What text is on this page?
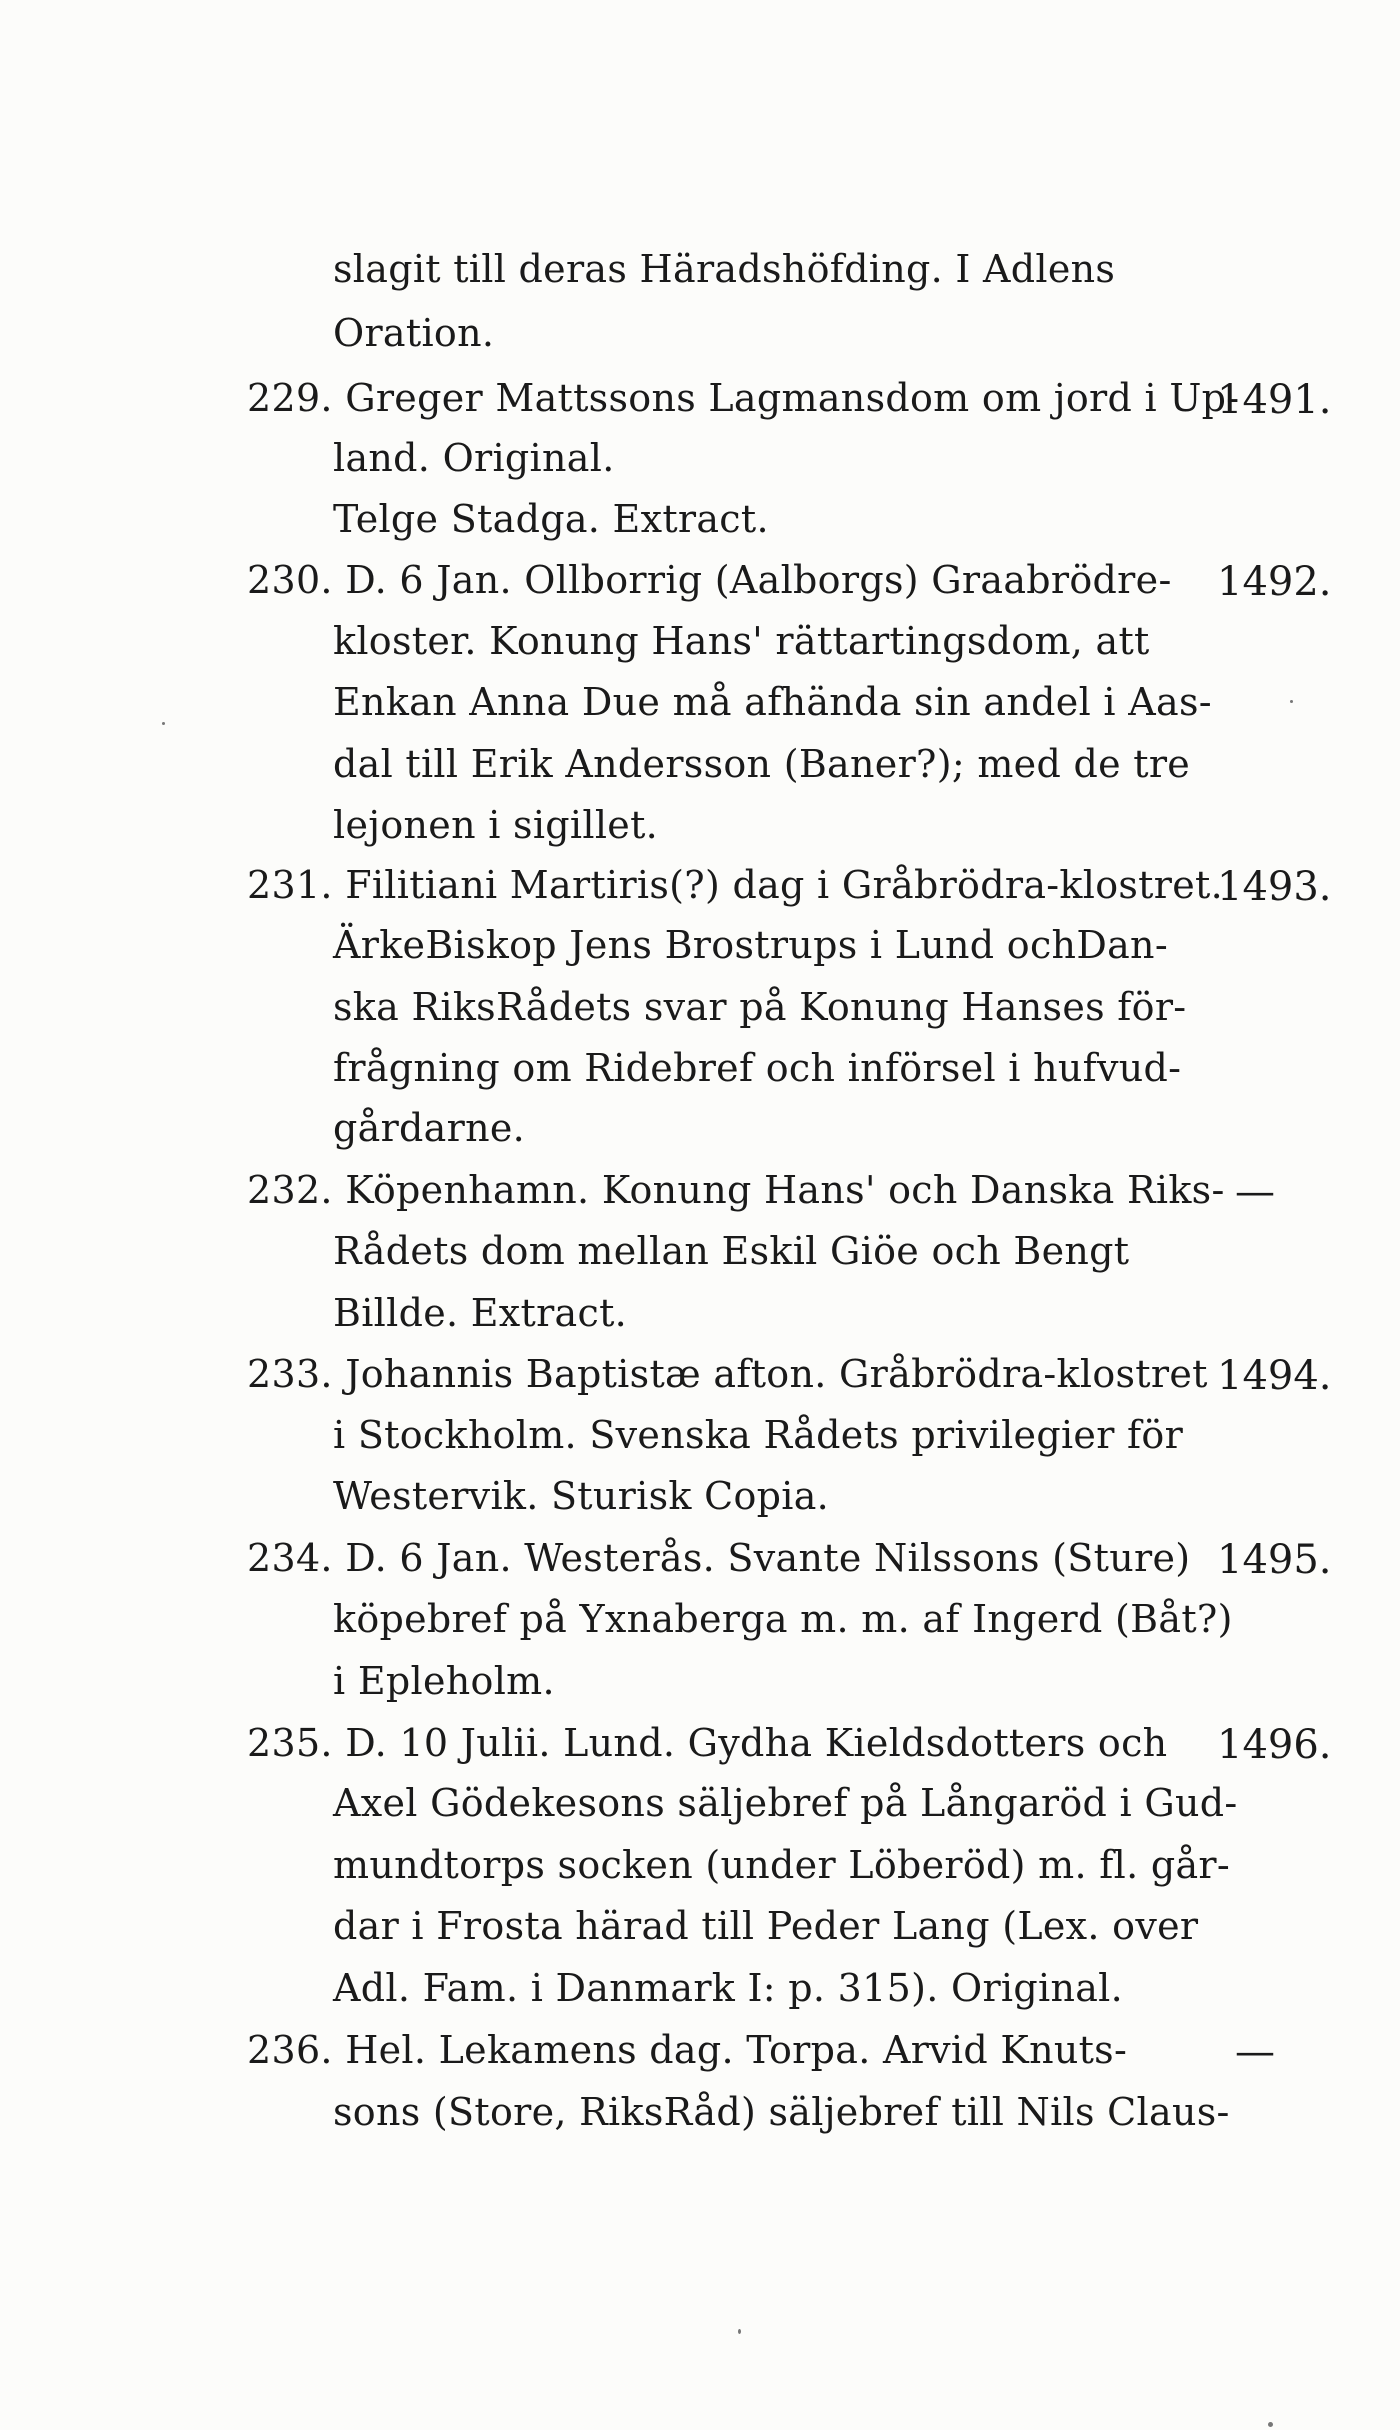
slagit till deras Häradshöfding. I Adlens
Oration.
229. Greger Mattssons Lagmansdom om jord i Up-
land. Original.
Telge Stadga. Extract.
230. D. 6 Jan. Ollborrig (Aalborgs) Graabrödre-
kloster. Konung Hans' rättartingsdom, att
Enkan Anna Due må afhända sin andel i Aas-
dal till Erik Andersson (Baner?); med de tre
lejonen i sigillet.
231. Filitiani Martiris(?) dag i Gråbrödra-klostret.
ÄrkeBiskop Jens Brostrups i Lund ochDan-
ska RiksRådets svar på Konung Hanses för-
frågning om Ridebref och införsel i hufvud-
gårdarne.
232. Köpenhamn. Konung Hans' och Danska Riks-
Rådets dom mellan Eskil Giöe och Bengt
Billde. Extract.
233. Johannis Baptistæ afton. Gråbrödra-klostret
i Stockholm. Svenska Rådets privilegier för
Westervik. Sturisk Copia.
234. D. 6 Jan. Westerås. Svante Nilssons (Sture)
köpebref på Yxnaberga m. m. af Ingerd (Båt?)
i Epleholm.
235. D. 10 Julii. Lund. Gydha Kieldsdotters och
Axel Gödekesons säljebref på Långaröd i Gud-
mundtorps socken (under Löberöd) m. fl. går-
dar i Frosta härad till Peder Lang (Lex. over
Adl. Fam. i Danmark I: p. 315). Original.
236. Hel. Lekamens dag. Torpa. Arvid Knuts-
sons (Store, RiksRåd) säljebref till Nils Claus-
1491.
1492.
1493.
—
1494.
1495.
1496.
—
